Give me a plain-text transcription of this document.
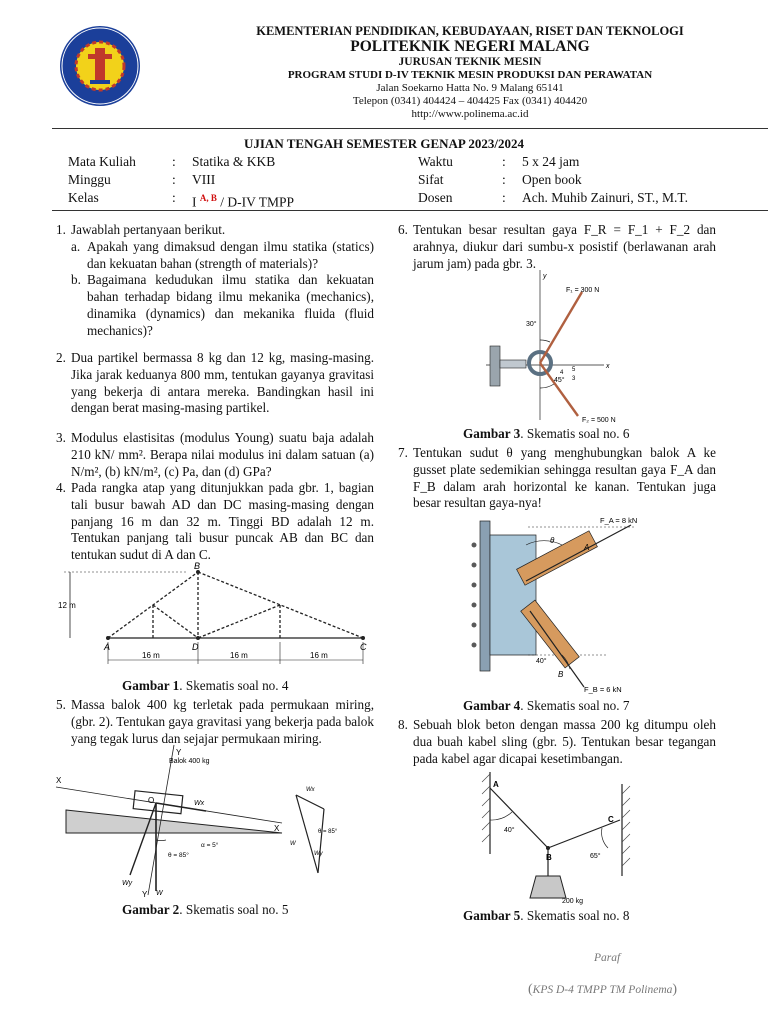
POLITEKNIK NEGERI MALANG
KEMENTERIAN PENDIDIKAN, KEBUDAYAAN, RISET DAN TEKNOLOGI
POLITEKNIK NEGERI MALANG
JURUSAN TEKNIK MESIN
PROGRAM STUDI D-IV TEKNIK MESIN PRODUKSI DAN PERAWATAN
Jalan Soekarno Hatta No. 9 Malang 65141
Telepon (0341) 404424 – 404425 Fax (0341) 404420
http://www.polinema.ac.id
UJIAN TENGAH SEMESTER GENAP 2023/2024
Mata Kuliah	:	Statika & KKB
Minggu	:	VIII
Kelas	:	I $^{A, B}$ / D-IV TMPP
Waktu	:	5 x 24 jam
Sifat	:	Open book
Dosen	:	Ach. Muhib Zainuri, ST., M.T.
1. Jawablah pertanyaan berikut.
a. Apakah yang dimaksud dengan ilmu statika (statics) dan kekuatan bahan (strength of materials)?
b. Bagaimana kedudukan ilmu statika dan kekuatan bahan terhadap bidang ilmu mekanika (mechanics), dinamika (dynamics) dan mekanika fluida (fluid mechanics)?
2. Dua partikel bermassa 8 kg dan 12 kg, masing-masing. Jika jarak keduanya 800 mm, tentukan gayanya gravitasi yang bekerja di antara mereka. Bandingkan hasil ini dengan berat masing-masing partikel.
3. Modulus elastisitas (modulus Young) suatu baja adalah 210 kN/ mm². Berapa nilai modulus ini dalam satuan (a) N/m², (b) kN/m², (c) Pa, dan (d) GPa?
4. Pada rangka atap yang ditunjukkan pada gbr. 1, bagian tali busur bawah AD dan DC masing-masing dengan panjang 16 m dan 32 m. Tinggi BD adalah 12 m. Tentukan panjang tali busur puncak AB dan BC dan tentukan sudut di A dan C.
B
A	D	C
12 m
16 m	16 m	16 m
Gambar 1. Skematis soal no. 4
5. Massa balok 400 kg terletak pada permukaan miring, (gbr. 2). Tentukan gaya gravitasi yang bekerja pada balok yang tegak lurus dan sejajar permukaan miring.
Y
Y
X
X
Balok 400 kg
O
α = 5°
θ = 85°
Wx
Wy
W
Wx
W
Wy
θ = 85°
Gambar 2. Skematis soal no. 5
6. Tentukan besar resultan gaya F_R = F_1 + F_2 dan arahnya, diukur dari sumbu-x posistif (berlawanan arah jarum jam) pada gbr. 3.
y
x
F₁ = 300 N
F₂ = 500 N
30°
45°
5
4
3
Gambar 3. Skematis soal no. 6
7. Tentukan sudut θ yang menghubungkan balok A ke gusset plate sedemikian sehingga resultan gaya F_A dan F_B dalam arah horizontal ke kanan. Tentukan juga besar resultan gaya-nya!
F_A = 8 kN
F_B = 6 kN
A
B
θ
40°
Gambar 4. Skematis soal no. 7
8. Sebuah blok beton dengan massa 200 kg ditumpu oleh dua buah kabel sling (gbr. 5). Tentukan besar tegangan pada kabel agar dicapai kesetimbangan.
A
B
C
40°
65°
200 kg
Gambar 5. Skematis soal no. 8
Paraf
(KPS D-4 TMPP TM Polinema)
